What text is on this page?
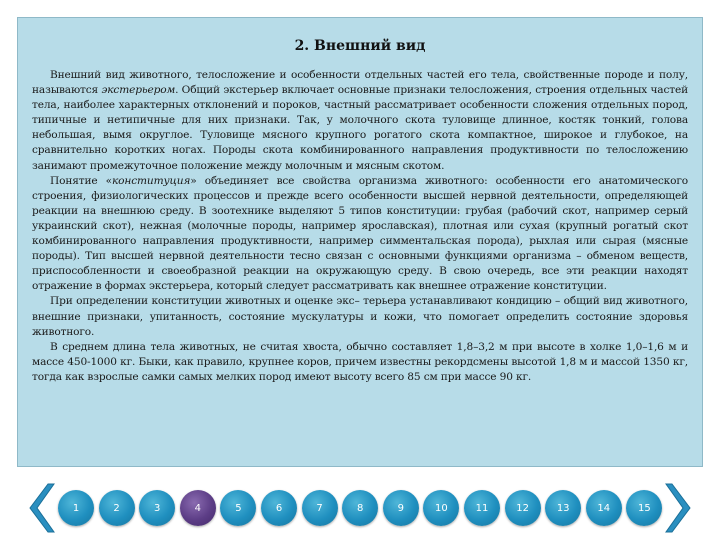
2. Внешний вид

Внешний вид животного, телосложение и особенности отдельных частей его тела, свойственные породе и полу, называются экстерьером. Общий экстерьер включает основные признаки телосложения, строения отдельных частей тела, наиболее характерных отклонений и пороков, частный рассматривает особенности сложения отдельных пород, типичные и нетипичные для них признаки. Так, у молочного скота туловище длинное, костяк тонкий, голова небольшая, вымя округлое. Туловище мясного крупного рогатого скота компактное, широкое и глубокое, на сравнительно коротких ногах. Породы скота комбинированного направления продуктивности по телосложению занимают промежуточное положение между молочным и мясным скотом.

Понятие «конституция» объединяет все свойства организма животного: особенности его анатомического строения, физиологических процессов и прежде всего особенности высшей нервной деятельности, определяющей реакции на внешнюю среду. В зоотехнике выделяют 5 типов конституции: грубая (рабочий скот, например серый украинский скот), нежная (молочные породы, например ярославская), плотная или сухая (крупный рогатый скот комбинированного направления продуктивности, например симментальская порода), рыхлая или сырая (мясные породы). Тип высшей нервной деятельности тесно связан с основными функциями организма – обменом веществ, приспособленности и своеобразной реакции на окружающую среду. В свою очередь, все эти реакции находят отражение в формах экстерьера, который следует рассматривать как внешнее отражение конституции.

При определении конституции животных и оценке экс– терьера устанавливают кондицию – общий вид животного, внешние признаки, упитанность, состояние мускулатуры и кожи, что помогает определить состояние здоровья животного.

В среднем длина тела животных, не считая хвоста, обычно составляет 1,8–3,2 м при высоте в холке 1,0–1,6 м и массе 450-1000 кг. Быки, как правило, крупнее коров, причем известны рекордсмены высотой 1,8 м и массой 1350 кг, тогда как взрослые самки самых мелких пород имеют высоту всего 85 см при массе 90 кг.

1	2	3	4	5	6	7	8	9	10	11	12	13	14	15
